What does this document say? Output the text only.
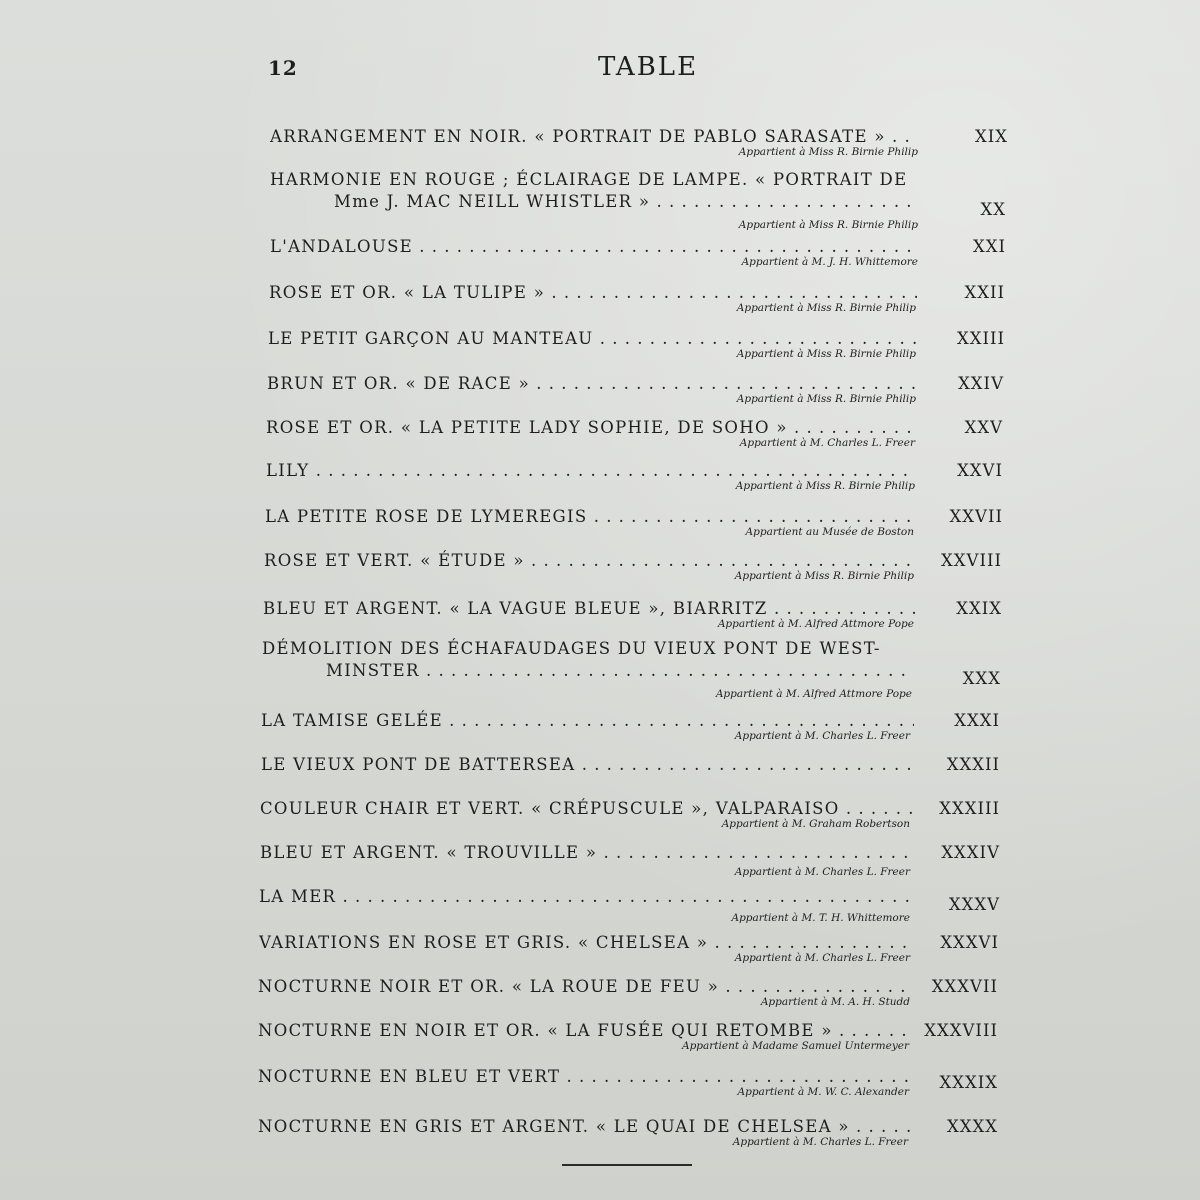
12	TABLE
ARRANGEMENT EN NOIR. « PORTRAIT DE PABLO SARASATE » . . .	XIX
Appartient à Miss R. Birnie Philip
HARMONIE EN ROUGE ; ÉCLAIRAGE DE LAMPE. « PORTRAIT DE
Mme J. MAC NEILL WHISTLER » . . .	XX
Appartient à Miss R. Birnie Philip
L'ANDALOUSE . . .	XXI
Appartient à M. J. H. Whittemore
ROSE ET OR. « LA TULIPE » . . .	XXII
Appartient à Miss R. Birnie Philip
LE PETIT GARÇON AU MANTEAU . . .	XXIII
Appartient à Miss R. Birnie Philip
BRUN ET OR. « DE RACE » . . .	XXIV
Appartient à Miss R. Birnie Philip
ROSE ET OR. « LA PETITE LADY SOPHIE, DE SOHO » . . .	XXV
Appartient à M. Charles L. Freer
LILY . . .	XXVI
Appartient à Miss R. Birnie Philip
LA PETITE ROSE DE LYMEREGIS . . .	XXVII
Appartient au Musée de Boston
ROSE ET VERT. « ÉTUDE » . . .	XXVIII
Appartient à Miss R. Birnie Philip
BLEU ET ARGENT. « LA VAGUE BLEUE », BIARRITZ . . .	XXIX
Appartient à M. Alfred Attmore Pope
DÉMOLITION DES ÉCHAFAUDAGES DU VIEUX PONT DE WEST-
MINSTER . . .	XXX
Appartient à M. Alfred Attmore Pope
LA TAMISE GELÉE . . .	XXXI
Appartient à M. Charles L. Freer
LE VIEUX PONT DE BATTERSEA . . .	XXXII
COULEUR CHAIR ET VERT. « CRÉPUSCULE », VALPARAISO . . .	XXXIII
Appartient à M. Graham Robertson
BLEU ET ARGENT. « TROUVILLE » . . .	XXXIV
Appartient à M. Charles L. Freer
LA MER . . .	XXXV
Appartient à M. T. H. Whittemore
VARIATIONS EN ROSE ET GRIS. « CHELSEA » . . .	XXXVI
Appartient à M. Charles L. Freer
NOCTURNE NOIR ET OR. « LA ROUE DE FEU » . . .	XXXVII
Appartient à M. A. H. Studd
NOCTURNE EN NOIR ET OR. « LA FUSÉE QUI RETOMBE » . . .	XXXVIII
Appartient à Madame Samuel Untermeyer
NOCTURNE EN BLEU ET VERT . . .	XXXIX
Appartient à M. W. C. Alexander
NOCTURNE EN GRIS ET ARGENT. « LE QUAI DE CHELSEA » . . .	XXXX
Appartient à M. Charles L. Freer
